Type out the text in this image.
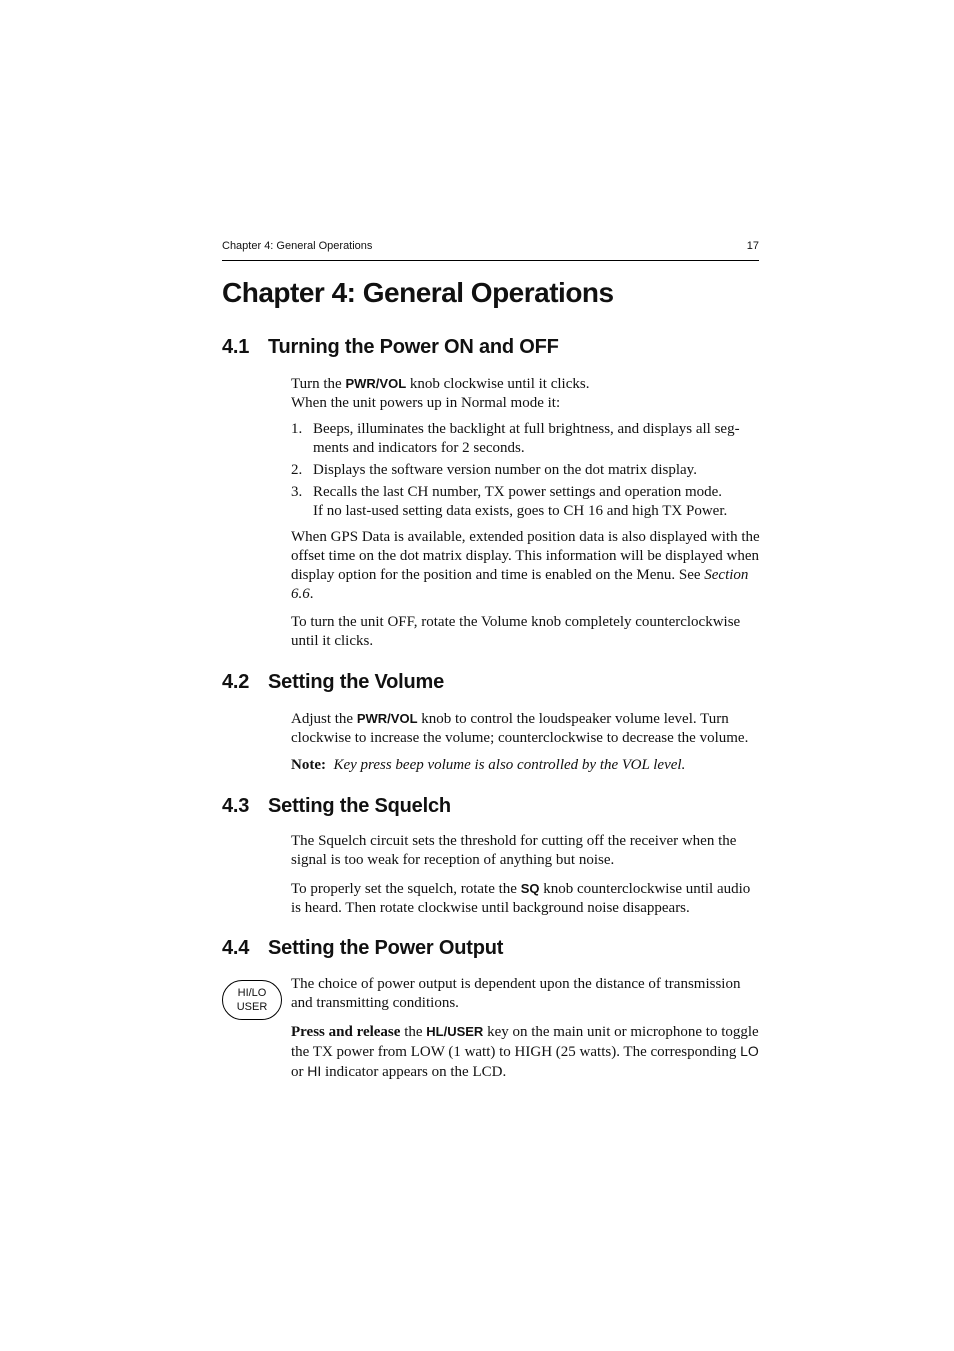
Chapter 4: General Operations	17
Chapter 4: General Operations
4.1 Turning the Power ON and OFF

Turn the PWR/VOL knob clockwise until it clicks.
When the unit powers up in Normal mode it:

1. Beeps, illuminates the backlight at full brightness, and displays all seg-ments and indicators for 2 seconds.
2. Displays the software version number on the dot matrix display.
3. Recalls the last CH number, TX power settings and operation mode.
If no last-used setting data exists, goes to CH 16 and high TX Power.

When GPS Data is available, extended position data is also displayed with the offset time on the dot matrix display. This information will be displayed when display option for the position and time is enabled on the Menu. See Section 6.6.

To turn the unit OFF, rotate the Volume knob completely counterclockwise until it clicks.

4.2 Setting the Volume

Adjust the PWR/VOL knob to control the loudspeaker volume level. Turn clockwise to increase the volume; counterclockwise to decrease the volume.

Note: Key press beep volume is also controlled by the VOL level.

4.3 Setting the Squelch

The Squelch circuit sets the threshold for cutting off the receiver when the signal is too weak for reception of anything but noise.

To properly set the squelch, rotate the SQ knob counterclockwise until audio is heard. Then rotate clockwise until background noise disappears.

4.4 Setting the Power Output
HI/LO
USER

The choice of power output is dependent upon the distance of transmission and transmitting conditions.

Press and release the HL/USER key on the main unit or microphone to toggle the TX power from LOW (1 watt) to HIGH (25 watts). The corresponding LO or HI indicator appears on the LCD.
